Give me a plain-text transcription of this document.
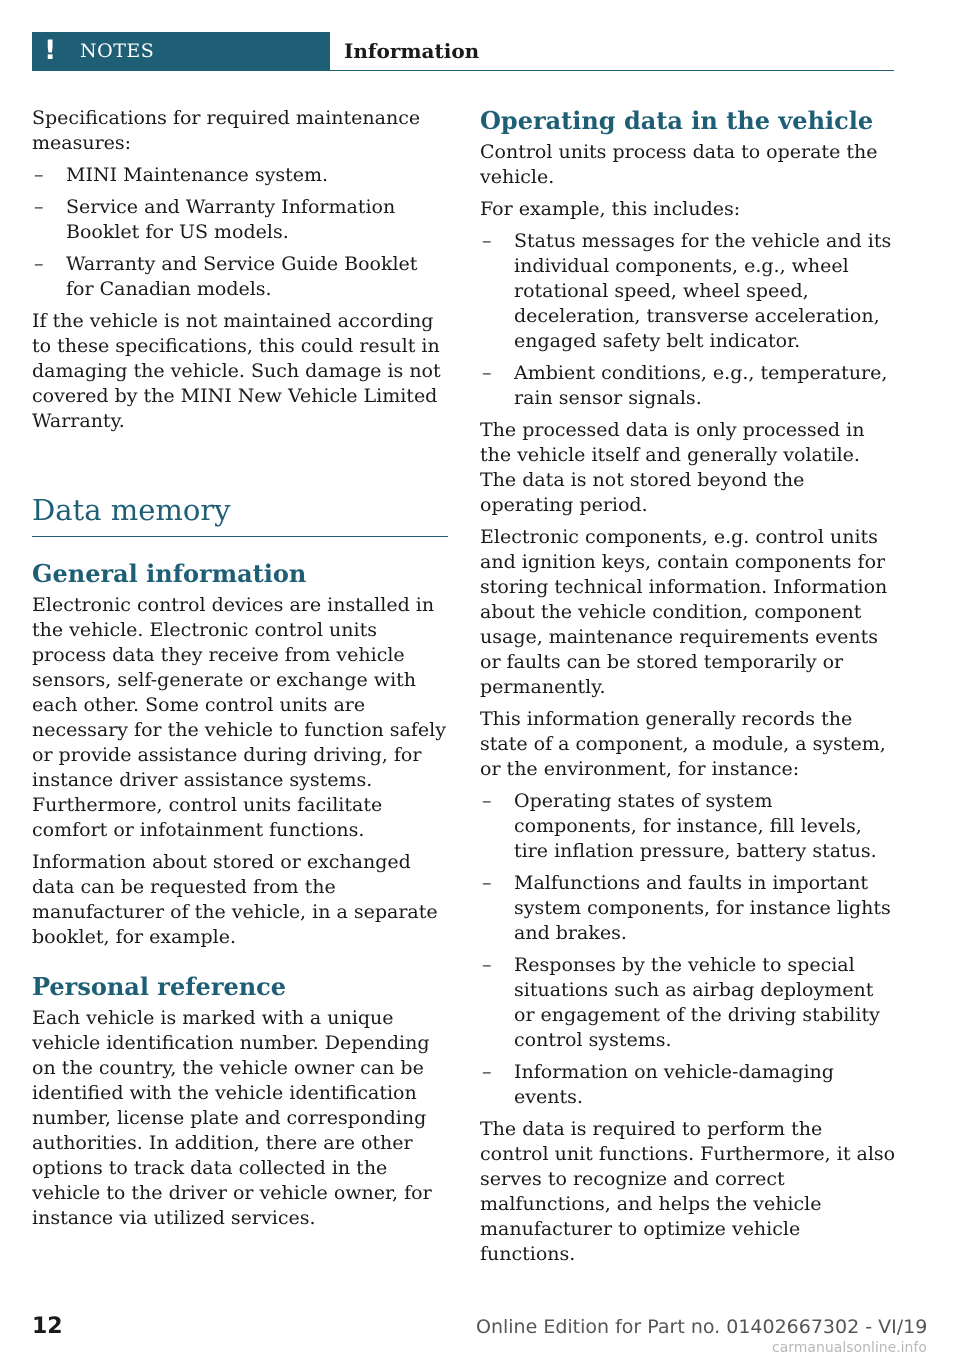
! NOTES	Information

Specifications for required maintenance measures:

– MINI Maintenance system.
– Service and Warranty Information Booklet for US models.
– Warranty and Service Guide Booklet for Canadian models.

If the vehicle is not maintained according to these specifications, this could result in damaging the vehicle. Such damage is not covered by the MINI New Vehicle Limited Warranty.

Data memory
General information

Electronic control devices are installed in the vehicle. Electronic control units process data they receive from vehicle sensors, self-generate or exchange with each other. Some control units are necessary for the vehicle to function safely or provide assistance during driving, for instance driver assistance systems. Furthermore, control units facilitate comfort or infotainment functions.

Information about stored or exchanged data can be requested from the manufacturer of the vehicle, in a separate booklet, for example.

Personal reference

Each vehicle is marked with a unique vehicle identification number. Depending on the country, the vehicle owner can be identified with the vehicle identification number, license plate and corresponding authorities. In addition, there are other options to track data collected in the vehicle to the driver or vehicle owner, for instance via utilized services.

Operating data in the vehicle

Control units process data to operate the vehicle.

For example, this includes:

– Status messages for the vehicle and its individual components, e.g., wheel rotational speed, wheel speed, deceleration, transverse acceleration, engaged safety belt indicator.
– Ambient conditions, e.g., temperature, rain sensor signals.

The processed data is only processed in the vehicle itself and generally volatile. The data is not stored beyond the operating period.

Electronic components, e.g. control units and ignition keys, contain components for storing technical information. Information about the vehicle condition, component usage, maintenance requirements events or faults can be stored temporarily or permanently.

This information generally records the state of a component, a module, a system, or the environment, for instance:

– Operating states of system components, for instance, fill levels, tire inflation pressure, battery status.
– Malfunctions and faults in important system components, for instance lights and brakes.
– Responses by the vehicle to special situations such as airbag deployment or engagement of the driving stability control systems.
– Information on vehicle-damaging events.

The data is required to perform the control unit functions. Furthermore, it also serves to recognize and correct malfunctions, and helps the vehicle manufacturer to optimize vehicle functions.

12	Online Edition for Part no. 01402667302 - VI/19
carmanualsonline.info
